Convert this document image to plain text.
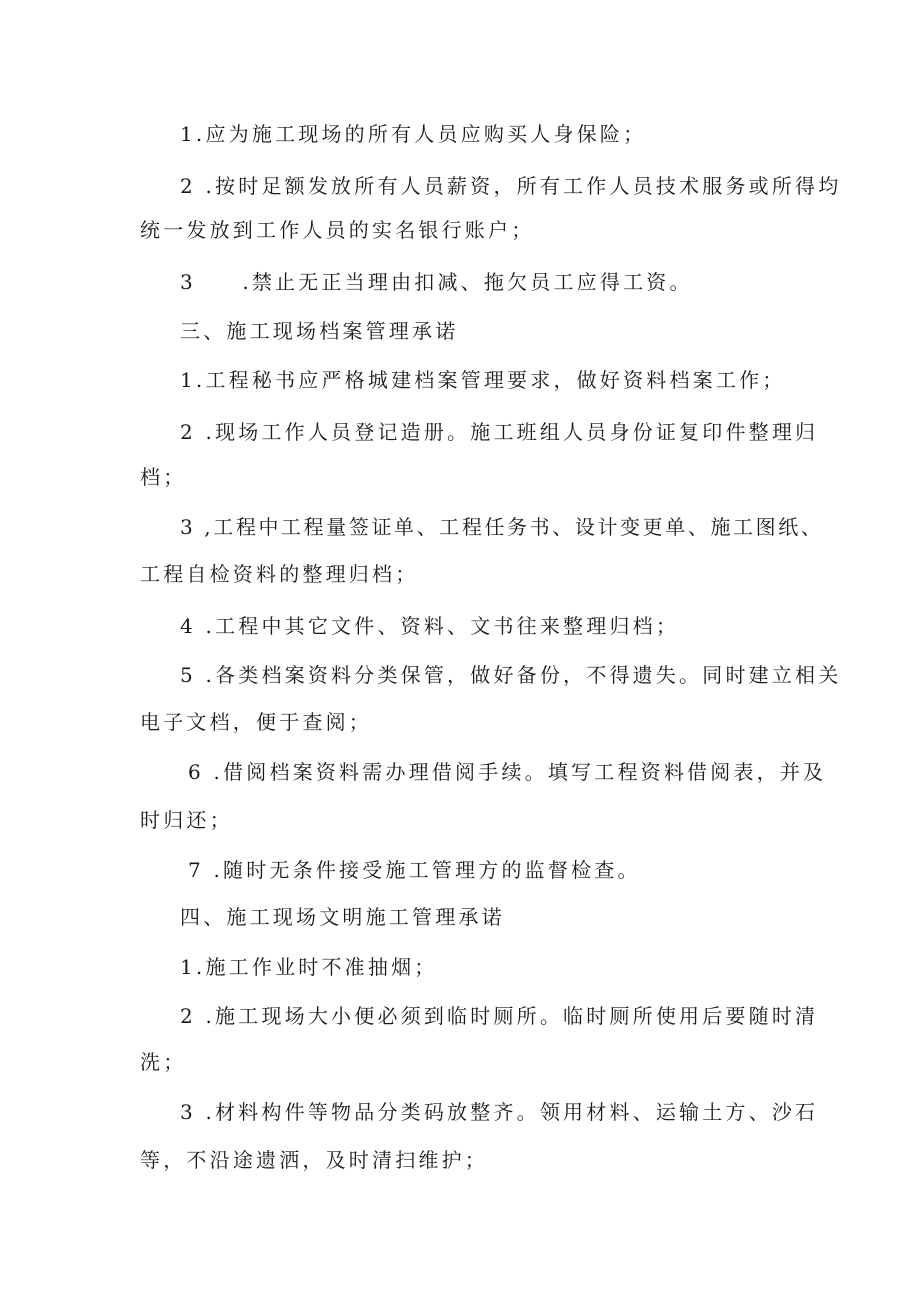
1.应为施工现场的所有人员应购买人身保险；
2 .按时足额发放所有人员薪资，所有工作人员技术服务或所得均
统一发放到工作人员的实名银行账户；
3　　.禁止无正当理由扣减、拖欠员工应得工资。
三、施工现场档案管理承诺
1.工程秘书应严格城建档案管理要求，做好资料档案工作；
2 .现场工作人员登记造册。施工班组人员身份证复印件整理归
档；
3 ,工程中工程量签证单、工程任务书、设计变更单、施工图纸、
工程自检资料的整理归档；
4 .工程中其它文件、资料、文书往来整理归档；
5 .各类档案资料分类保管，做好备份，不得遗失。同时建立相关
电子文档，便于查阅；
6 .借阅档案资料需办理借阅手续。填写工程资料借阅表，并及
时归还；
7 .随时无条件接受施工管理方的监督检查。
四、施工现场文明施工管理承诺
1.施工作业时不准抽烟；
2 .施工现场大小便必须到临时厕所。临时厕所使用后要随时清
洗；
3 .材料构件等物品分类码放整齐。领用材料、运输土方、沙石
等，不沿途遗洒，及时清扫维护；
